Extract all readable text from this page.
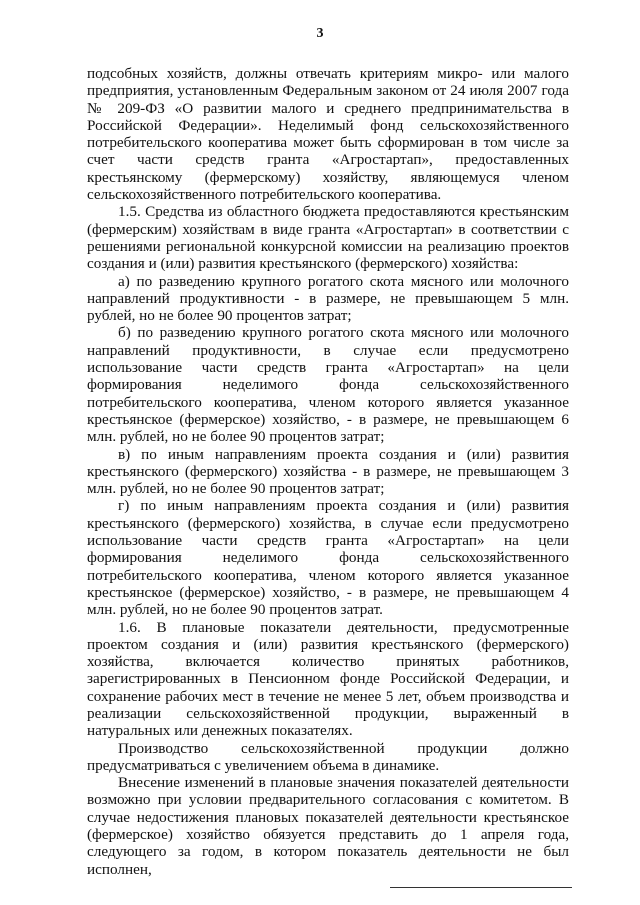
3

подсобных хозяйств, должны отвечать критериям микро- или малого предприятия, установленным Федеральным законом от 24 июля 2007 года № 209-ФЗ «О развитии малого и среднего предпринимательства в Российской Федерации». Неделимый фонд сельскохозяйственного потребительского кооператива может быть сформирован в том числе за счет части средств гранта «Агростартап», предоставленных крестьянскому (фермерскому) хозяйству, являющемуся членом сельскохозяйственного потребительского кооператива.

1.5. Средства из областного бюджета предоставляются крестьянским (фермерским) хозяйствам в виде гранта «Агростартап» в соответствии с решениями региональной конкурсной комиссии на реализацию проектов создания и (или) развития крестьянского (фермерского) хозяйства:

а) по разведению крупного рогатого скота мясного или молочного направлений продуктивности - в размере, не превышающем 5 млн. рублей, но не более 90 процентов затрат;

б) по разведению крупного рогатого скота мясного или молочного направлений продуктивности, в случае если предусмотрено использование части средств гранта «Агростартап» на цели формирования неделимого фонда сельскохозяйственного потребительского кооператива, членом которого является указанное крестьянское (фермерское) хозяйство, - в размере, не превышающем 6 млн. рублей, но не более 90 процентов затрат;

в) по иным направлениям проекта создания и (или) развития крестьянского (фермерского) хозяйства - в размере, не превышающем 3 млн. рублей, но не более 90 процентов затрат;

г) по иным направлениям проекта создания и (или) развития крестьянского (фермерского) хозяйства, в случае если предусмотрено использование части средств гранта «Агростартап» на цели формирования неделимого фонда сельскохозяйственного потребительского кооператива, членом которого является указанное крестьянское (фермерское) хозяйство, - в размере, не превышающем 4 млн. рублей, но не более 90 процентов затрат.

1.6. В плановые показатели деятельности, предусмотренные проектом создания и (или) развития крестьянского (фермерского) хозяйства, включается количество принятых работников, зарегистрированных в Пенсионном фонде Российской Федерации, и сохранение рабочих мест в течение не менее 5 лет, объем производства и реализации сельскохозяйственной продукции, выраженный в натуральных или денежных показателях.

Производство сельскохозяйственной продукции должно предусматриваться с увеличением объема в динамике.

Внесение изменений в плановые значения показателей деятельности возможно при условии предварительного согласования с комитетом. В случае недостижения плановых показателей деятельности крестьянское (фермерское) хозяйство обязуется представить до 1 апреля года, следующего за годом, в котором показатель деятельности не был исполнен,
